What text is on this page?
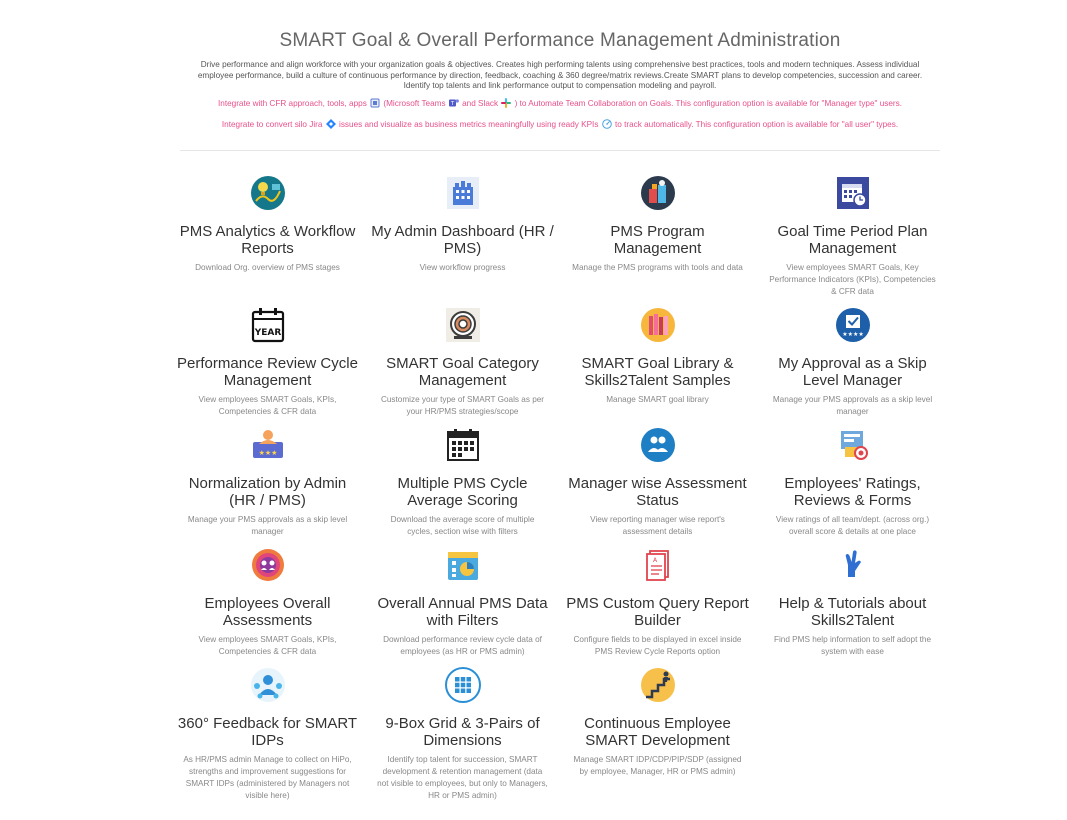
SMART Goal & Overall Performance Management Administration
Drive performance and align workforce with your organization goals & objectives. Creates high performing talents using comprehensive best practices, tools and modern techniques. Assess individual employee performance, build a culture of continuous performance by direction, feedback, coaching & 360 degree/matrix reviews.Create SMART plans to develop competencies, succession and career. Identify top talents and link performance output to compensation modeling and payroll.
Integrate with CFR approach, tools, apps (Microsoft Teams T and Slack ) to Automate Team Collaboration on Goals. This configuration option is available for "Manager type" users.
Integrate to convert silo Jira issues and visualize as business metrics meaningfully using ready KPIs to track automatically. This configuration option is available for "all user" types.
PMS Analytics & Workflow Reports
Download Org. overview of PMS stages
My Admin Dashboard (HR / PMS)
View workflow progress
PMS Program Management
Manage the PMS programs with tools and data
Goal Time Period Plan Management
View employees SMART Goals, Key Performance Indicators (KPIs), Competencies & CFR data
YEAR
Performance Review Cycle Management
View employees SMART Goals, KPIs, Competencies & CFR data
SMART Goal Category Management
Customize your type of SMART Goals as per your HR/PMS strategies/scope
SMART Goal Library & Skills2Talent Samples
Manage SMART goal library
★★★★
My Approval as a Skip Level Manager
Manage your PMS approvals as a skip level manager
★★★
Normalization by Admin (HR / PMS)
Manage your PMS approvals as a skip level manager
Multiple PMS Cycle Average Scoring
Download the average score of multiple cycles, section wise with filters
Manager wise Assessment Status
View reporting manager wise report's assessment details
Employees' Ratings, Reviews & Forms
View ratings of all team/dept. (across org.) overall score & details at one place
Employees Overall Assessments
View employees SMART Goals, KPIs, Competencies & CFR data
Overall Annual PMS Data with Filters
Download performance review cycle data of employees (as HR or PMS admin)
A
PMS Custom Query Report Builder
Configure fields to be displayed in excel inside PMS Review Cycle Reports option
2
Help & Tutorials about Skills2Talent
Find PMS help information to self adopt the system with ease
360° Feedback for SMART IDPs
As HR/PMS admin Manage to collect on HiPo, strengths and improvement suggestions for SMART IDPs (administered by Managers not visible here)
9-Box Grid & 3-Pairs of Dimensions
Identify top talent for succession, SMART development & retention management (data not visible to employees, but only to Managers, HR or PMS admin)
Continuous Employee SMART Development
Manage SMART IDP/CDP/PIP/SDP (assigned by employee, Manager, HR or PMS admin)
